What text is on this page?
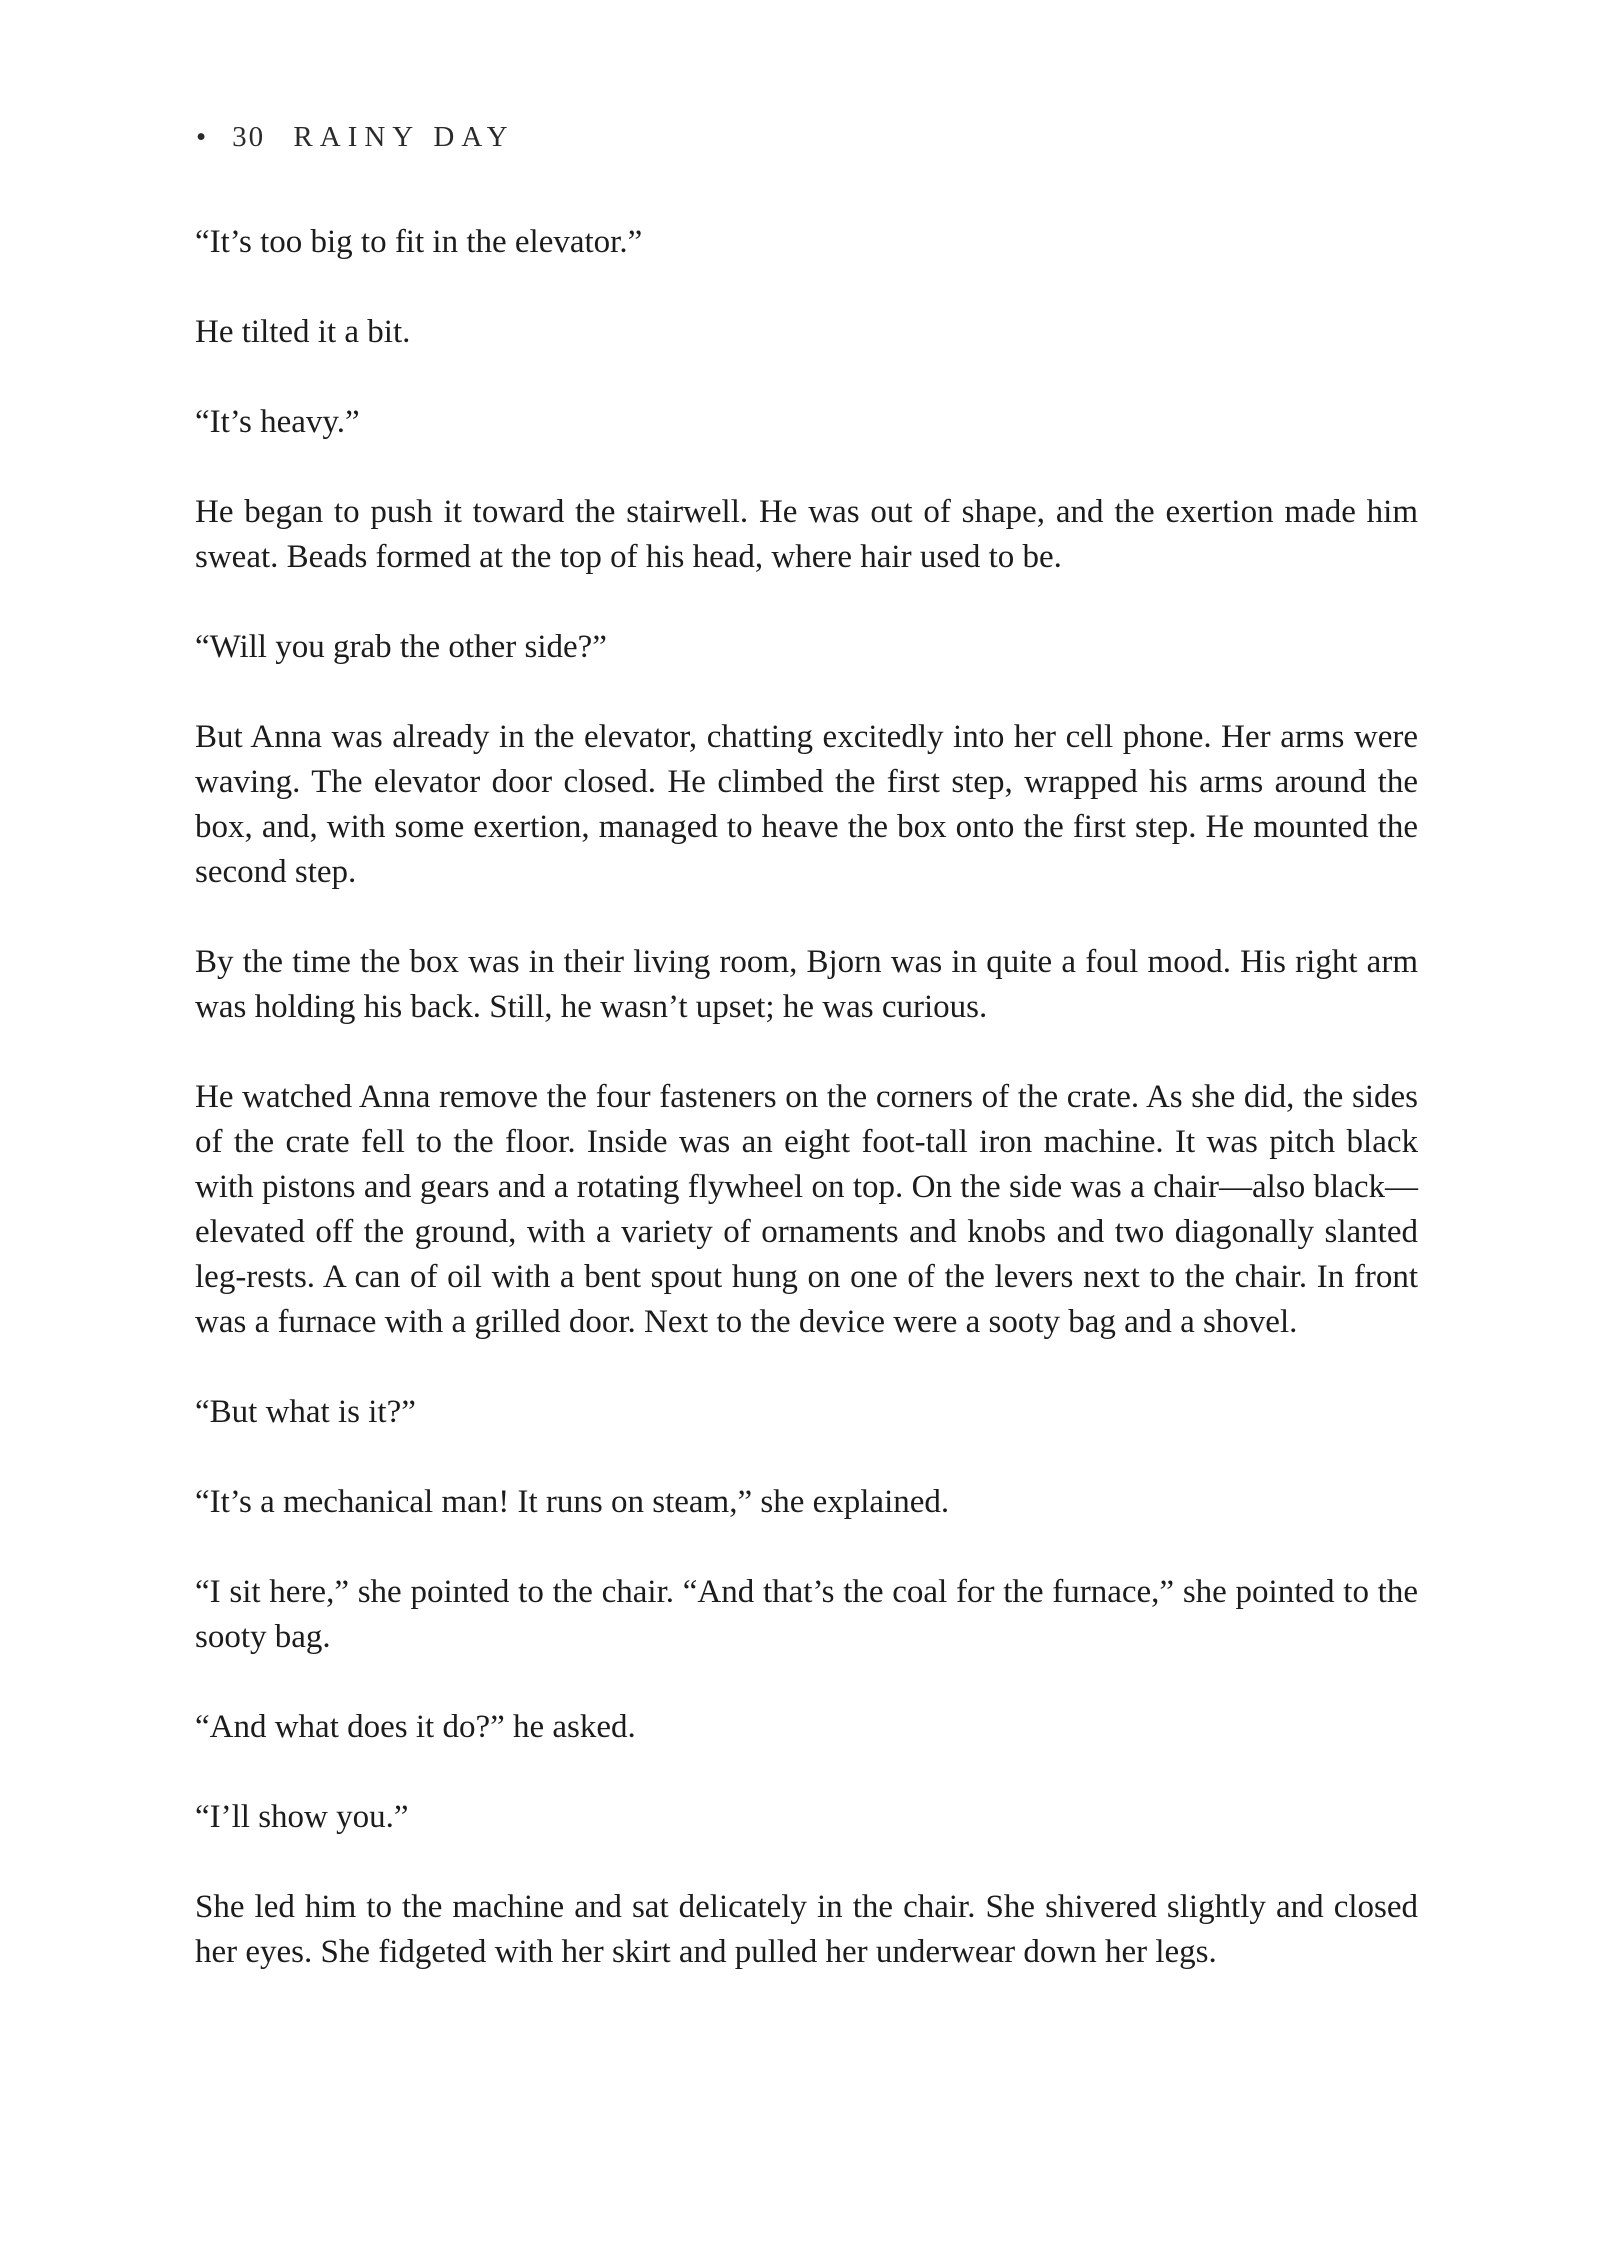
• 30 RAINY DAY

“It’s too big to fit in the elevator.”

He tilted it a bit.

“It’s heavy.”

He began to push it toward the stairwell. He was out of shape, and the exertion made him sweat. Beads formed at the top of his head, where hair used to be.

“Will you grab the other side?”

But Anna was already in the elevator, chatting excitedly into her cell phone. Her arms were waving. The elevator door closed. He climbed the first step, wrapped his arms around the box, and, with some exertion, managed to heave the box onto the first step. He mounted the second step.

By the time the box was in their living room, Bjorn was in quite a foul mood. His right arm was holding his back. Still, he wasn’t upset; he was curious.

He watched Anna remove the four fasteners on the corners of the crate. As she did, the sides of the crate fell to the floor. Inside was an eight foot-tall iron machine. It was pitch black with pistons and gears and a rotating flywheel on top. On the side was a chair—also black—elevated off the ground, with a variety of ornaments and knobs and two diagonally slanted leg-rests. A can of oil with a bent spout hung on one of the levers next to the chair. In front was a furnace with a grilled door. Next to the device were a sooty bag and a shovel.

“But what is it?”

“It’s a mechanical man! It runs on steam,” she explained.

“I sit here,” she pointed to the chair. “And that’s the coal for the furnace,” she pointed to the sooty bag.

“And what does it do?” he asked.

“I’ll show you.”

She led him to the machine and sat delicately in the chair. She shivered slightly and closed her eyes. She fidgeted with her skirt and pulled her underwear down her legs.
